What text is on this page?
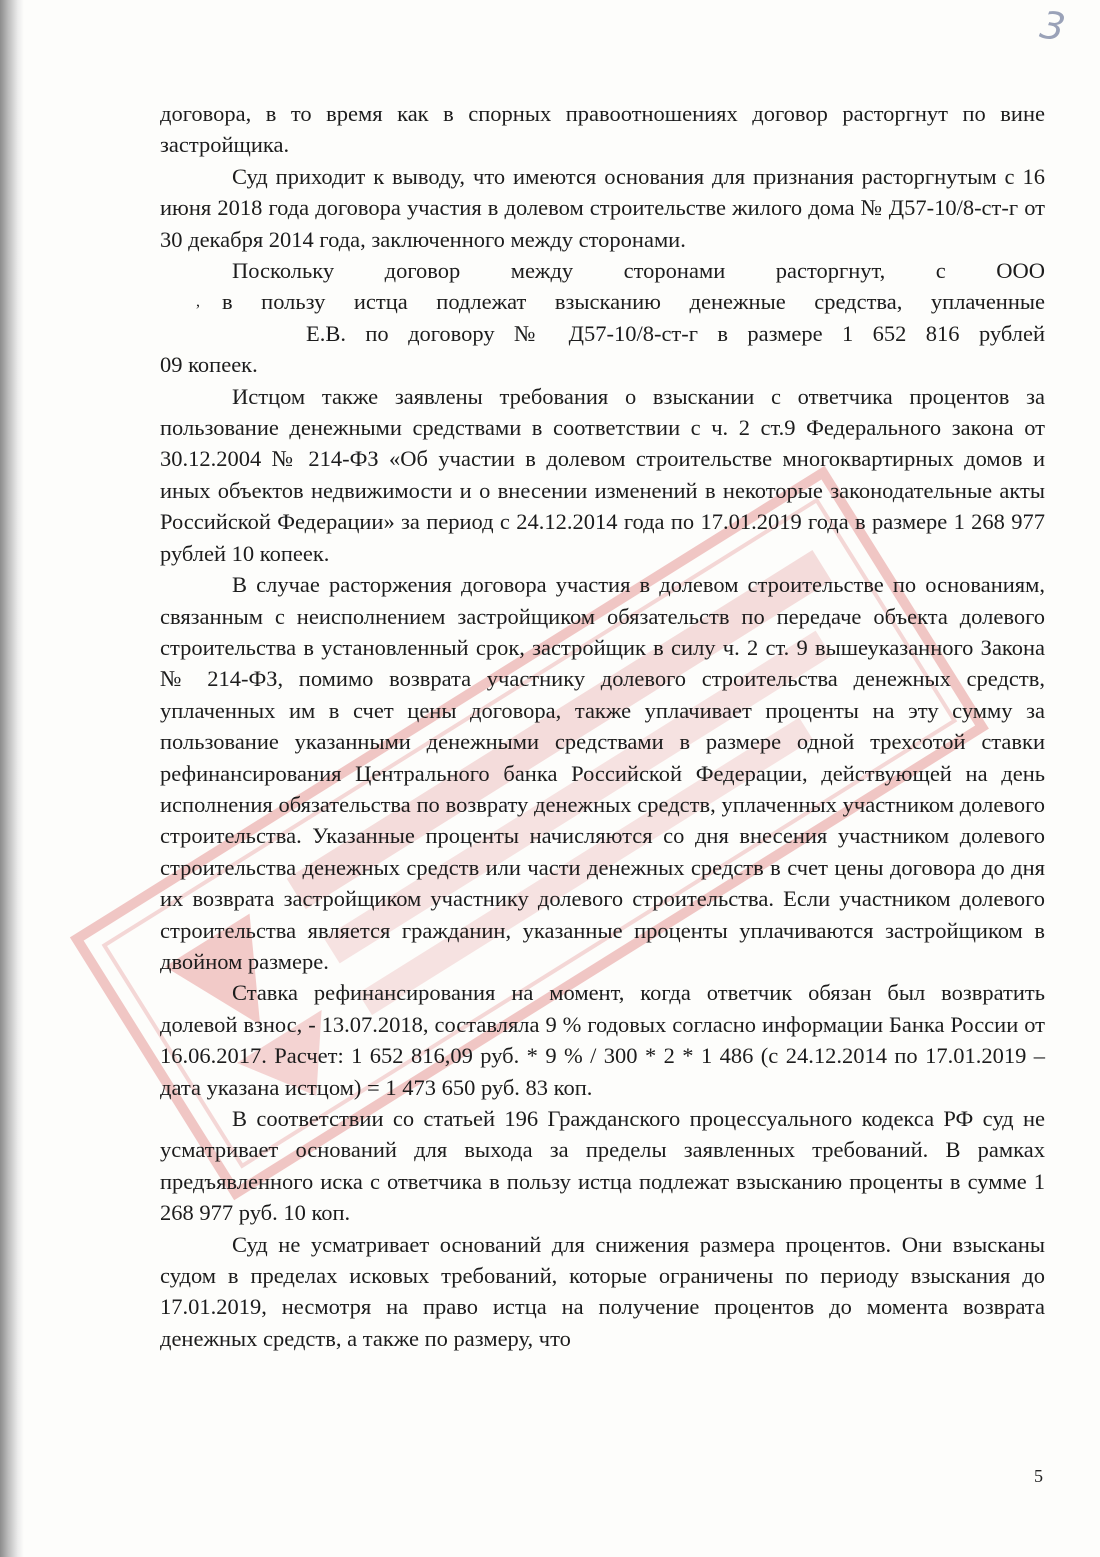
3

договора, в то время как в спорных правоотношениях договор расторгнут по вине застройщика.

Суд приходит к выводу, что имеются основания для признания расторгнутым с 16 июня 2018 года договора участия в долевом строительстве жилого дома № Д57-10/8-ст-г от 30 декабря 2014 года, заключенного между сторонами.

Поскольку договор между сторонами расторгнут, с ООО
, в пользу истца подлежат взысканию денежные средства, уплаченные
Е.В. по договору № Д57-10/8-ст-г в размере 1 652 816 рублей
09 копеек.

Истцом также заявлены требования о взыскании с ответчика процентов за пользование денежными средствами в соответствии с ч. 2 ст.9 Федерального закона от 30.12.2004 № 214-ФЗ «Об участии в долевом строительстве многоквартирных домов и иных объектов недвижимости и о внесении изменений в некоторые законодательные акты Российской Федерации» за период с 24.12.2014 года по 17.01.2019 года в размере 1 268 977 рублей 10 копеек.

В случае расторжения договора участия в долевом строительстве по основаниям, связанным с неисполнением застройщиком обязательств по передаче объекта долевого строительства в установленный срок, застройщик в силу ч. 2 ст. 9 вышеуказанного Закона № 214-ФЗ, помимо возврата участнику долевого строительства денежных средств, уплаченных им в счет цены договора, также уплачивает проценты на эту сумму за пользование указанными денежными средствами в размере одной трехсотой ставки рефинансирования Центрального банка Российской Федерации, действующей на день исполнения обязательства по возврату денежных средств, уплаченных участником долевого строительства. Указанные проценты начисляются со дня внесения участником долевого строительства денежных средств или части денежных средств в счет цены договора до дня их возврата застройщиком участнику долевого строительства. Если участником долевого строительства является гражданин, указанные проценты уплачиваются застройщиком в двойном размере.

Ставка рефинансирования на момент, когда ответчик обязан был возвратить долевой взнос, - 13.07.2018, составляла 9 % годовых согласно информации Банка России от 16.06.2017. Расчет: 1 652 816,09 руб. * 9 % / 300 * 2 * 1 486 (с 24.12.2014 по 17.01.2019 – дата указана истцом) = 1 473 650 руб. 83 коп.

В соответствии со статьей 196 Гражданского процессуального кодекса РФ суд не усматривает оснований для выхода за пределы заявленных требований. В рамках предъявленного иска с ответчика в пользу истца подлежат взысканию проценты в сумме 1 268 977 руб. 10 коп.

Суд не усматривает оснований для снижения размера процентов. Они взысканы судом в пределах исковых требований, которые ограничены по периоду взыскания до 17.01.2019, несмотря на право истца на получение процентов до момента возврата денежных средств, а также по размеру, что

5
